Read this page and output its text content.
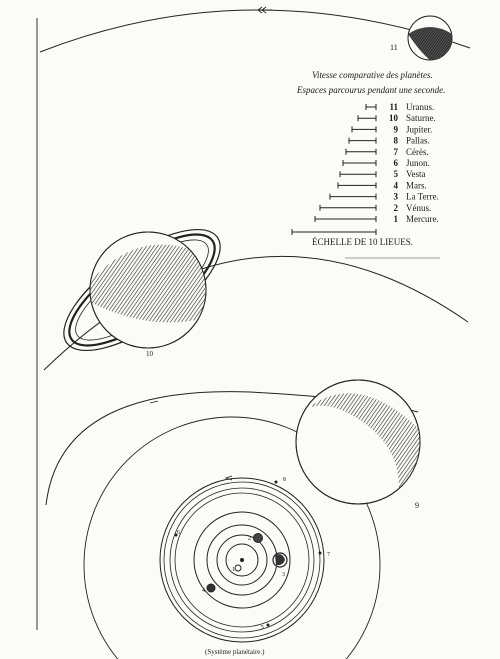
11
Vitesse comparative des planètes.
Espaces parcourus pendant une seconde.
11 Uranus.
10 Saturne.
9 Jupiter.
8 Pallas.
7 Cérès.
6 Junon.
5 Vesta
4 Mars.
3 La Terre.
2 Vénus.
1 Mercure.
ÉCHELLE DE 10 LIEUES.
10
9
1
2
3
4
5
6
7
8
(Système planétaire.)
